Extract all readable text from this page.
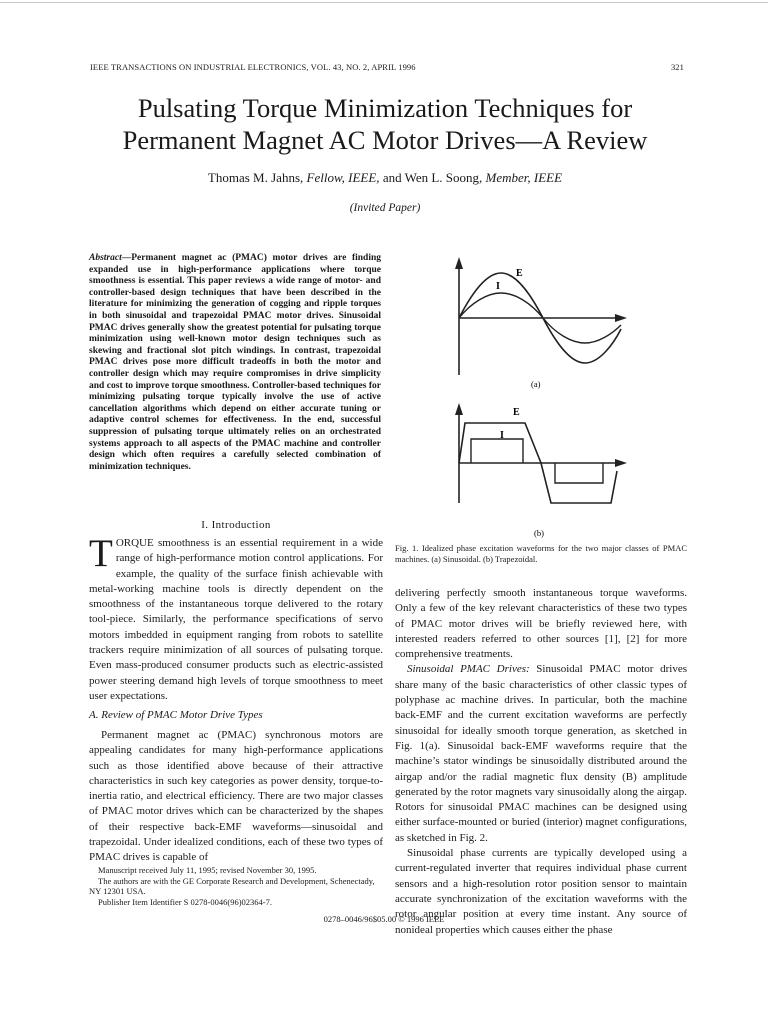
IEEE TRANSACTIONS ON INDUSTRIAL ELECTRONICS, VOL. 43, NO. 2, APRIL 1996	321
Pulsating Torque Minimization Techniques for
Permanent Magnet AC Motor Drives—A Review
Thomas M. Jahns, Fellow, IEEE, and Wen L. Soong, Member, IEEE
(Invited Paper)
Abstract—Permanent magnet ac (PMAC) motor drives are finding expanded use in high-performance applications where torque smoothness is essential. This paper reviews a wide range of motor- and controller-based design techniques that have been described in the literature for minimizing the generation of cogging and ripple torques in both sinusoidal and trapezoidal PMAC motor drives. Sinusoidal PMAC drives generally show the greatest potential for pulsating torque minimization using well-known motor design techniques such as skewing and fractional slot pitch windings. In contrast, trapezoidal PMAC drives pose more difficult tradeoffs in both the motor and controller design which may require compromises in drive simplicity and cost to improve torque smoothness. Controller-based techniques for minimizing pulsating torque typically involve the use of active cancellation algorithms which depend on either accurate tuning or adaptive control schemes for effectiveness. In the end, successful suppression of pulsating torque ultimately relies on an orchestrated systems approach to all aspects of the PMAC machine and controller design which often requires a carefully selected combination of minimization techniques.
I. Introduction
TORQUE smoothness is an essential requirement in a wide range of high-performance motion control applications. For example, the quality of the surface finish achievable with metal-working machine tools is directly dependent on the smoothness of the instantaneous torque delivered to the rotary tool-piece. Similarly, the performance specifications of servo motors imbedded in equipment ranging from robots to satellite trackers require minimization of all sources of pulsating torque. Even mass-produced consumer products such as electric-assisted power steering demand high levels of torque smoothness to meet user expectations.
A. Review of PMAC Motor Drive Types
Permanent magnet ac (PMAC) synchronous motors are appealing candidates for many high-performance applications such as those identified above because of their attractive characteristics in such key categories as power density, torque-to-inertia ratio, and electrical efficiency. There are two major classes of PMAC motor drives which can be characterized by the shapes of their respective back-EMF waveforms—sinusoidal and trapezoidal. Under idealized conditions, each of these two types of PMAC drives is capable of

Manuscript received July 11, 1995; revised November 30, 1995.

The authors are with the GE Corporate Research and Development, Schenectady, NY 12301 USA.

Publisher Item Identifier S 0278-0046(96)02364-7.

E
I
(a)
E
I
(b)
Fig. 1. Idealized phase excitation waveforms for the two major classes of PMAC machines. (a) Sinusoidal. (b) Trapezoidal.

delivering perfectly smooth instantaneous torque waveforms. Only a few of the key relevant characteristics of these two types of PMAC motor drives will be briefly reviewed here, with interested readers referred to other sources [1], [2] for more comprehensive treatments.

Sinusoidal PMAC Drives: Sinusoidal PMAC motor drives share many of the basic characteristics of other classic types of polyphase ac machine drives. In particular, both the machine back-EMF and the current excitation waveforms are perfectly sinusoidal for ideally smooth torque generation, as sketched in Fig. 1(a). Sinusoidal back-EMF waveforms require that the machine’s stator windings be sinusoidally distributed around the airgap and/or the radial magnetic flux density (B) amplitude generated by the rotor magnets vary sinusoidally along the airgap. Rotors for sinusoidal PMAC machines can be designed using either surface-mounted or buried (interior) magnet configurations, as sketched in Fig. 2.

Sinusoidal phase currents are typically developed using a current-regulated inverter that requires individual phase current sensors and a high-resolution rotor position sensor to maintain accurate synchronization of the excitation waveforms with the rotor angular position at every time instant. Any source of nonideal properties which causes either the phase

0278–0046/96$05.00 © 1996 IEEE
